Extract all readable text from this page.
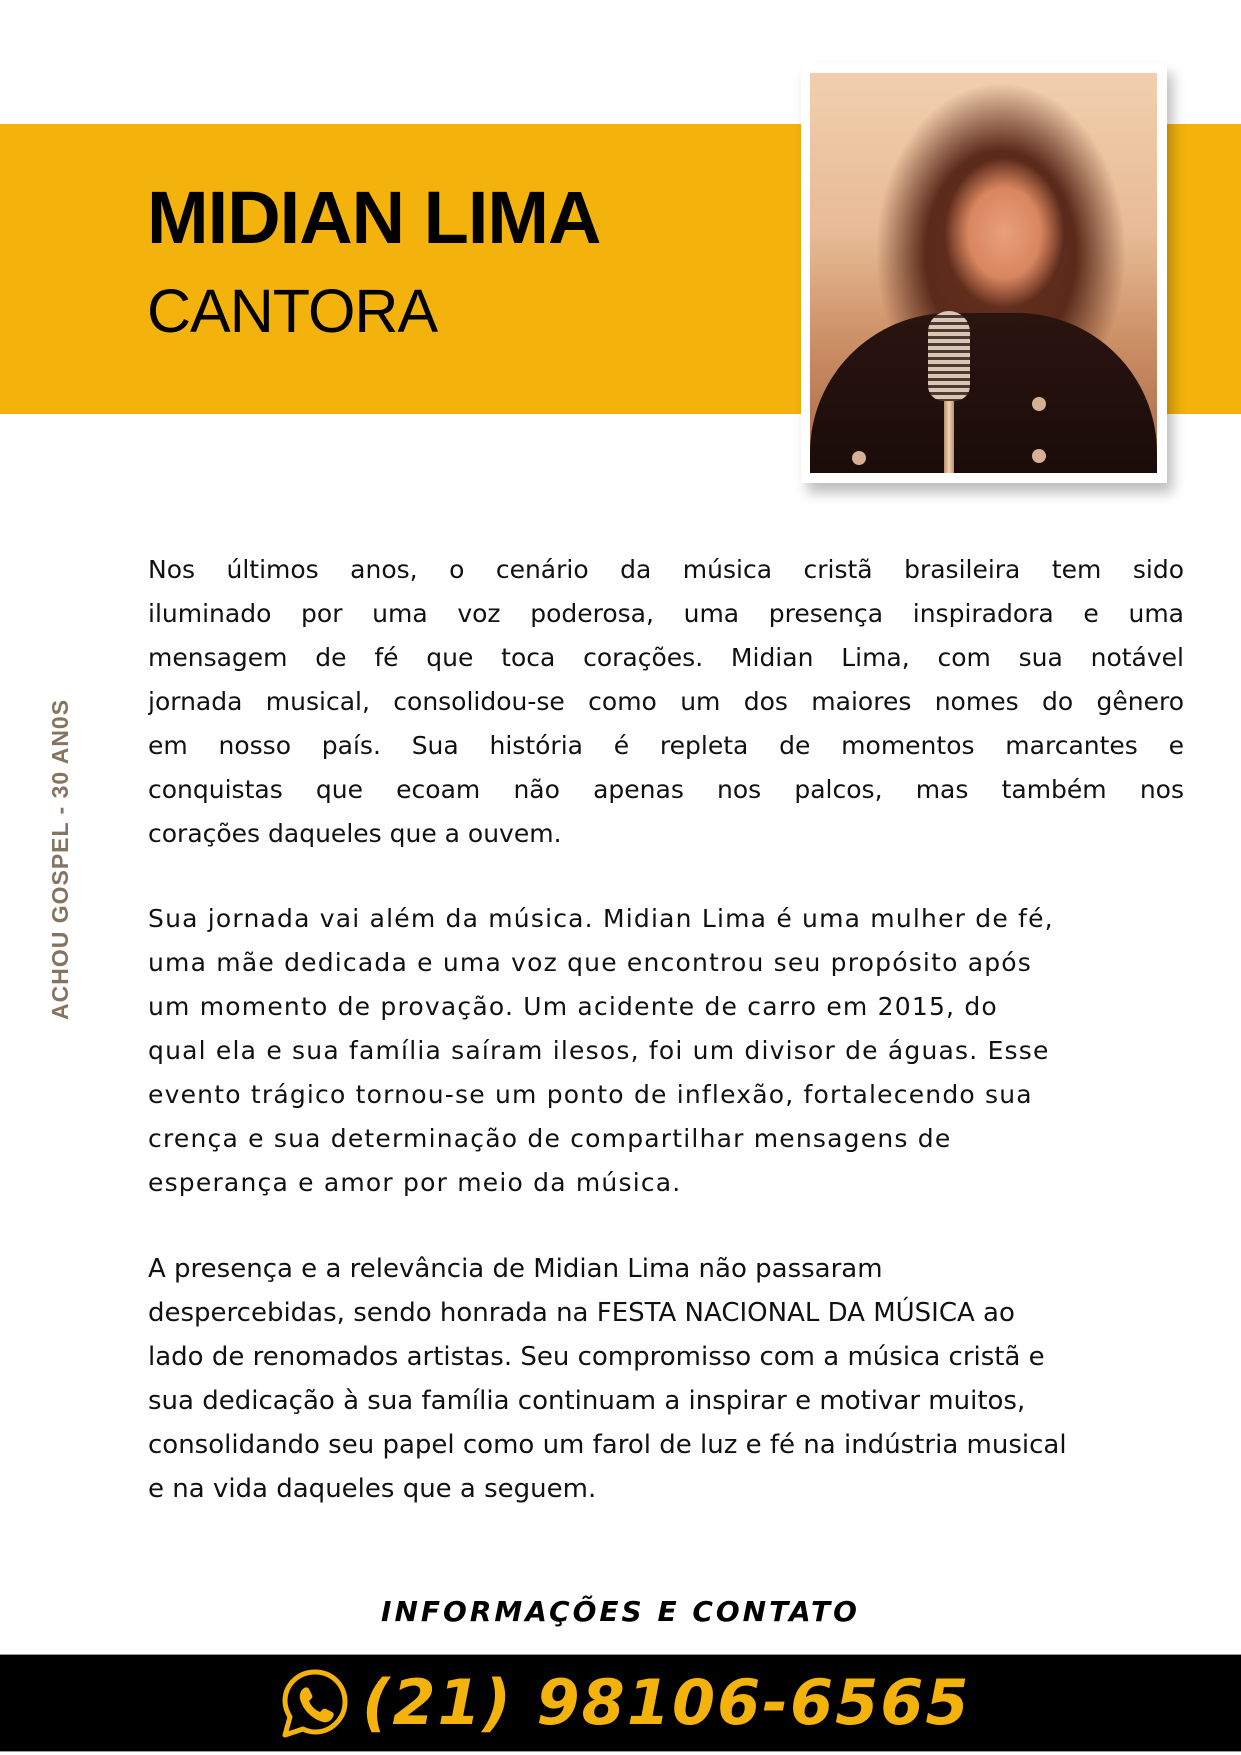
MIDIAN LIMA
CANTORA
ACHOU GOSPEL - 30 AN0S
Nos últimos anos, o cenário da música cristã brasileira tem sido
iluminado por uma voz poderosa, uma presença inspiradora e uma
mensagem de fé que toca corações. Midian Lima, com sua notável
jornada musical, consolidou-se como um dos maiores nomes do gênero
em nosso país. Sua história é repleta de momentos marcantes e
conquistas que ecoam não apenas nos palcos, mas também nos
corações daqueles que a ouvem.
Sua jornada vai além da música. Midian Lima é uma mulher de fé,
uma mãe dedicada e uma voz que encontrou seu propósito após
um momento de provação. Um acidente de carro em 2015, do
qual ela e sua família saíram ilesos, foi um divisor de águas. Esse
evento trágico tornou-se um ponto de inflexão, fortalecendo sua
crença e sua determinação de compartilhar mensagens de
esperança e amor por meio da música.
A presença e a relevância de Midian Lima não passaram
despercebidas, sendo honrada na FESTA NACIONAL DA MÚSICA ao
lado de renomados artistas. Seu compromisso com a música cristã e
sua dedicação à sua família continuam a inspirar e motivar muitos,
consolidando seu papel como um farol de luz e fé na indústria musical
e na vida daqueles que a seguem.
INFORMAÇÕES E CONTATO
(21) 98106-6565
